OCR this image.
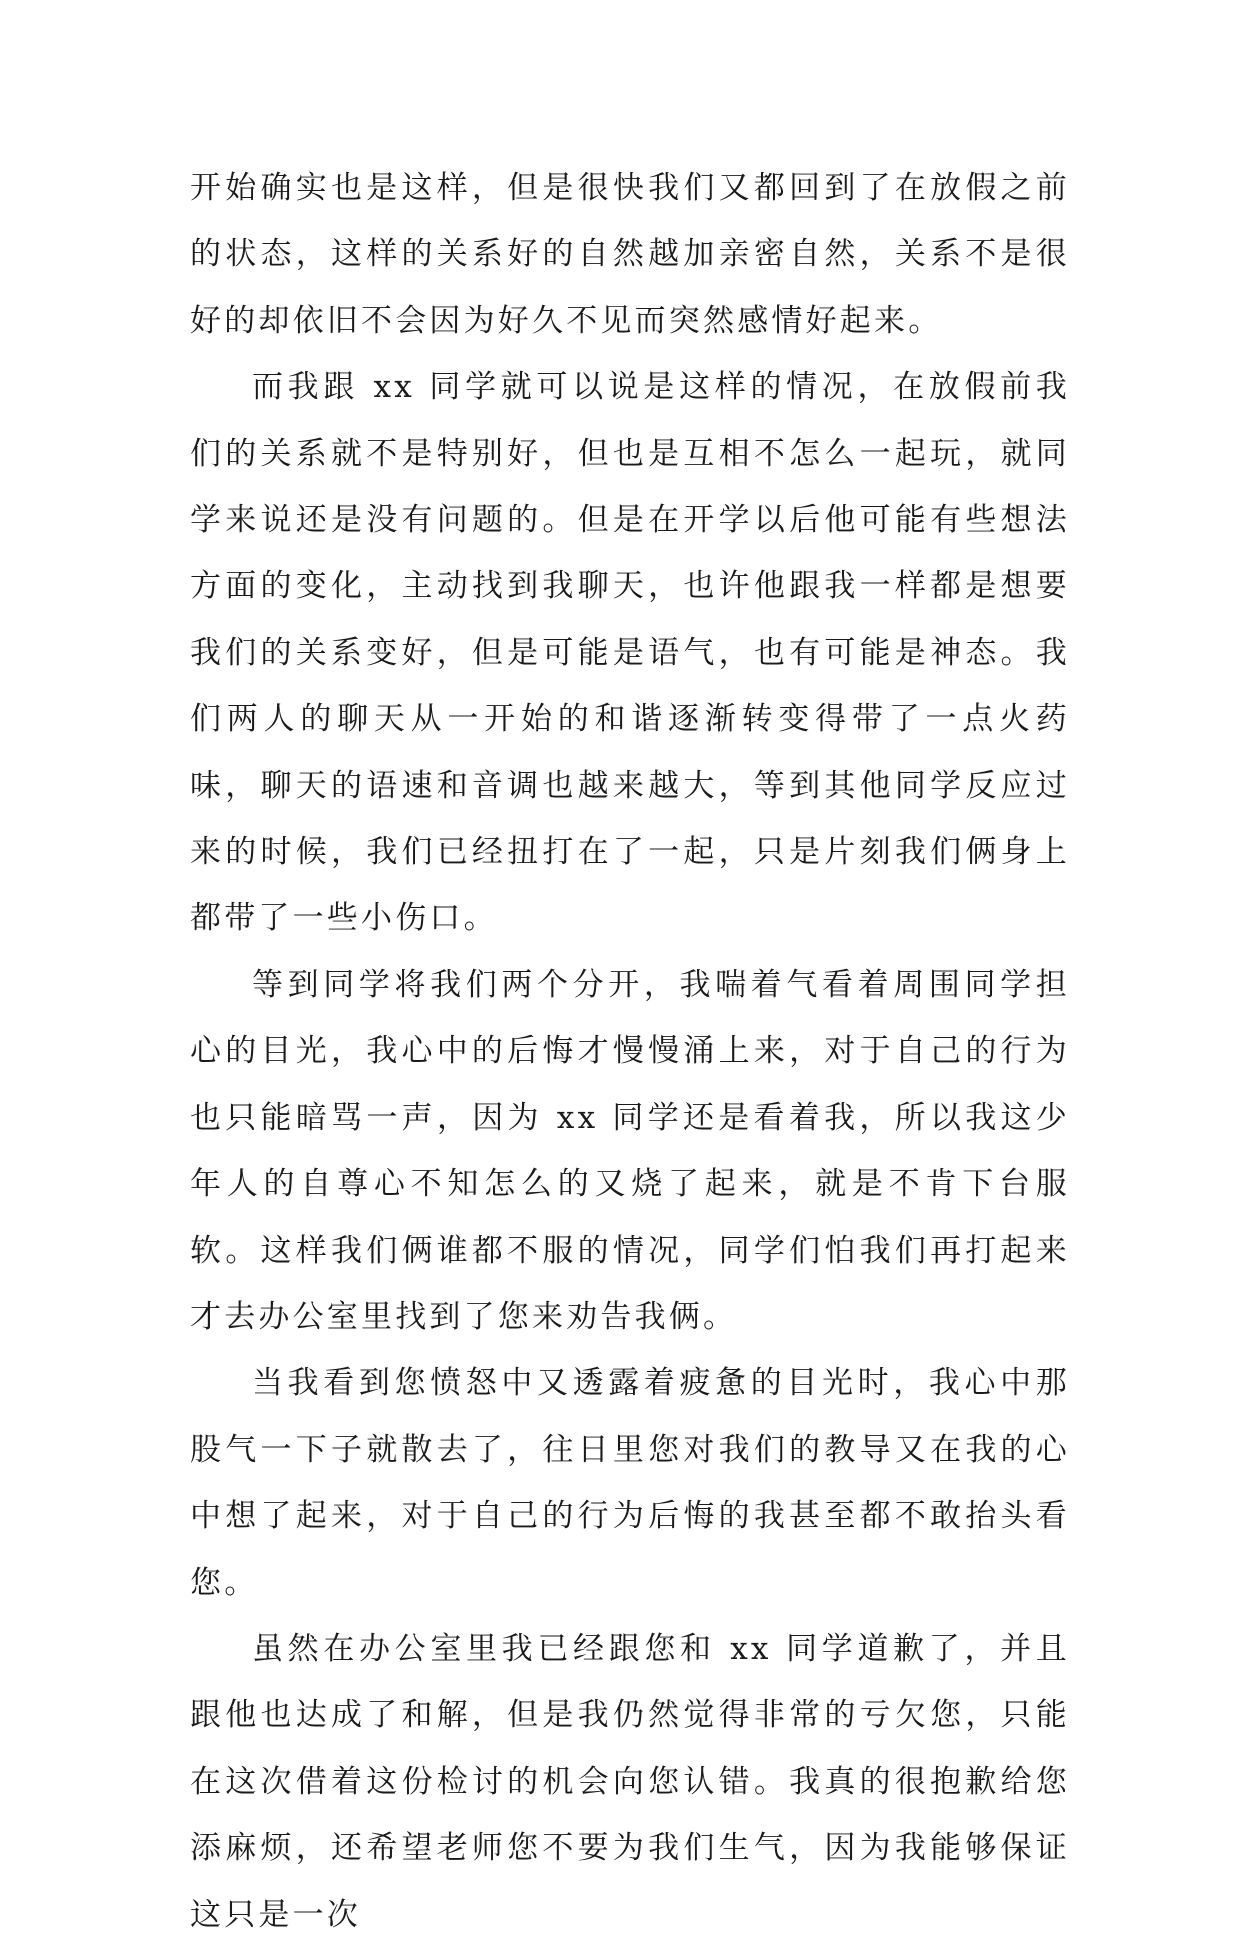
开始确实也是这样，但是很快我们又都回到了在放假之前的状态，这样的关系好的自然越加亲密自然，关系不是很好的却依旧不会因为好久不见而突然感情好起来。

而我跟 xx 同学就可以说是这样的情况，在放假前我们的关系就不是特别好，但也是互相不怎么一起玩，就同学来说还是没有问题的。但是在开学以后他可能有些想法方面的变化，主动找到我聊天，也许他跟我一样都是想要我们的关系变好，但是可能是语气，也有可能是神态。我们两人的聊天从一开始的和谐逐渐转变得带了一点火药味，聊天的语速和音调也越来越大，等到其他同学反应过来的时候，我们已经扭打在了一起，只是片刻我们俩身上都带了一些小伤口。

等到同学将我们两个分开，我喘着气看着周围同学担心的目光，我心中的后悔才慢慢涌上来，对于自己的行为也只能暗骂一声，因为 xx 同学还是看着我，所以我这少年人的自尊心不知怎么的又烧了起来，就是不肯下台服软。这样我们俩谁都不服的情况，同学们怕我们再打起来才去办公室里找到了您来劝告我俩。

当我看到您愤怒中又透露着疲惫的目光时，我心中那股气一下子就散去了，往日里您对我们的教导又在我的心中想了起来，对于自己的行为后悔的我甚至都不敢抬头看您。

虽然在办公室里我已经跟您和 xx 同学道歉了，并且跟他也达成了和解，但是我仍然觉得非常的亏欠您，只能在这次借着这份检讨的机会向您认错。我真的很抱歉给您添麻烦，还希望老师您不要为我们生气，因为我能够保证这只是一次
